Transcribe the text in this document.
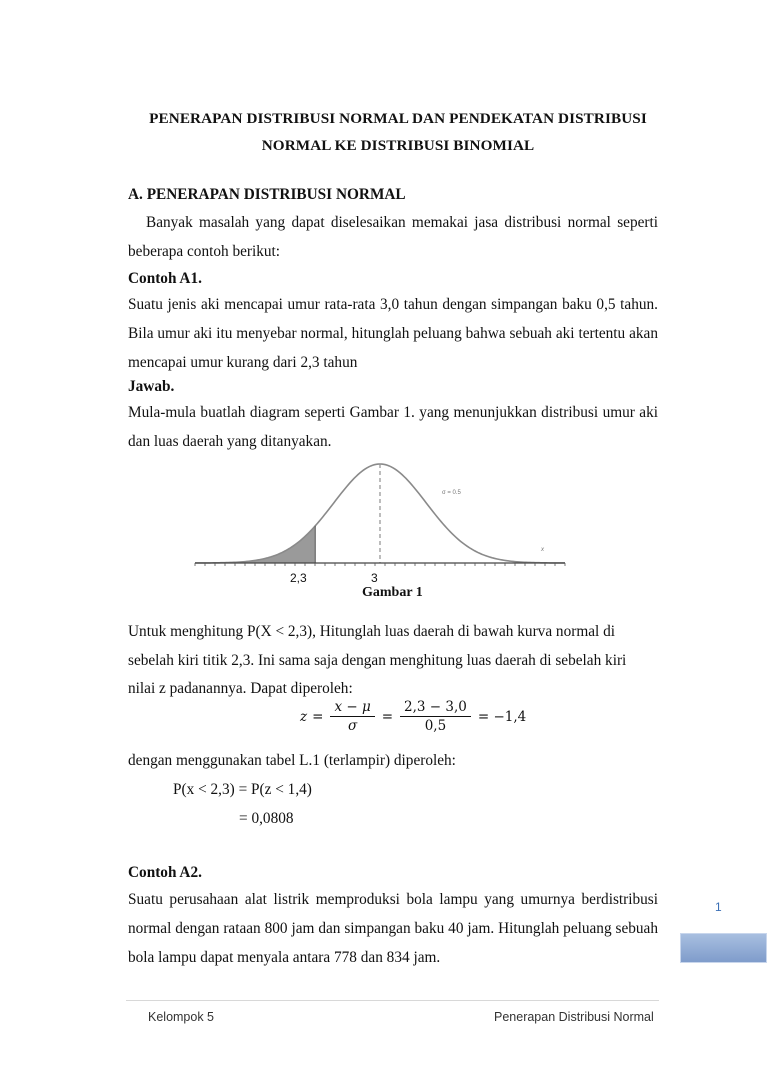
PENERAPAN DISTRIBUSI NORMAL DAN PENDEKATAN DISTRIBUSI
NORMAL KE DISTRIBUSI BINOMIAL
A. PENERAPAN DISTRIBUSI NORMAL
Banyak masalah yang dapat diselesaikan memakai jasa distribusi normal seperti beberapa contoh berikut:
Contoh A1.
Suatu jenis aki mencapai umur rata-rata 3,0 tahun dengan simpangan baku 0,5 tahun. Bila umur aki itu menyebar normal, hitunglah peluang bahwa sebuah aki tertentu akan mencapai umur kurang dari 2,3 tahun
Jawab.
Mula-mula buatlah diagram seperti Gambar 1. yang menunjukkan distribusi umur aki dan luas daerah yang ditanyakan.
σ = 0.5
x
2,3	3
Gambar 1
Untuk menghitung P(X < 2,3), Hitunglah luas daerah di bawah kurva normal di
sebelah kiri titik 2,3. Ini sama saja dengan menghitung luas daerah di sebelah kiri
nilai z padanannya. Dapat diperoleh:
$z = \frac{x - \mu}{\sigma} = \frac{2,3 - 3,0}{0,5} = -1,4$
dengan menggunakan tabel L.1 (terlampir) diperoleh:
P(x < 2,3) = P(z < 1,4)
= 0,0808
Contoh A2.
Suatu perusahaan alat listrik memproduksi bola lampu yang umurnya berdistribusi normal dengan rataan 800 jam dan simpangan baku 40 jam. Hitunglah peluang sebuah bola lampu dapat menyala antara 778 dan 834 jam.
1
Kelompok 5	Penerapan Distribusi Normal
